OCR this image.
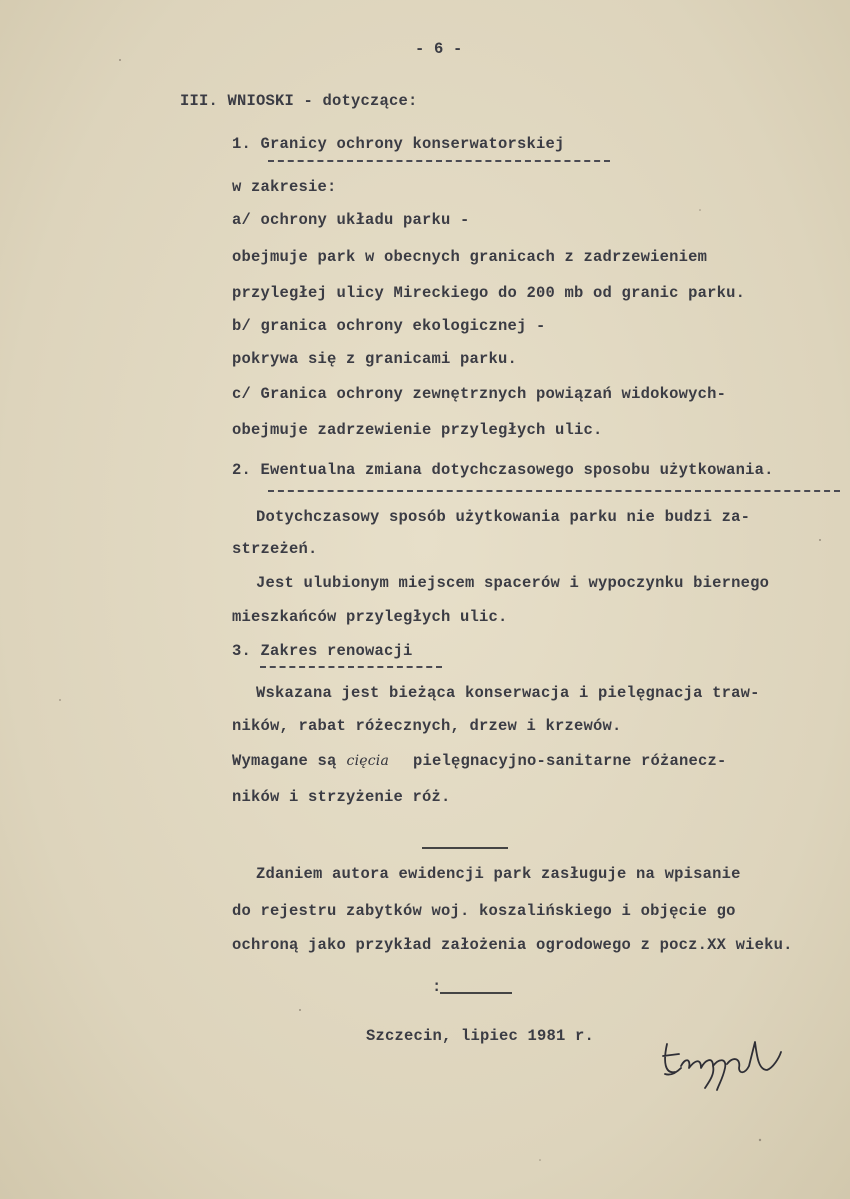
- 6 -
III. WNIOSKI - dotyczące:
1. Granicy ochrony konserwatorskiej
w zakresie:
a/ ochrony układu parku -
obejmuje park w obecnych granicach z zadrzewieniem
przyległej ulicy Mireckiego do 200 mb od granic parku.
b/ granica ochrony ekologicznej -
pokrywa się z granicami parku.
c/ Granica ochrony zewnętrznych powiązań widokowych-
obejmuje zadrzewienie przyległych ulic.
2. Ewentualna zmiana dotychczasowego sposobu użytkowania.
Dotychczasowy sposób użytkowania parku nie budzi za-
strzeżeń.
Jest ulubionym miejscem spacerów i wypoczynku biernego
mieszkańców przyległych ulic.
3. Zakres renowacji
Wskazana jest bieżąca konserwacja i pielęgnacja traw-
ników, rabat różecznych, drzew i krzewów.
Wymagane są cięcia pielęgnacyjno-sanitarne różanecz-
ników i strzyżenie róż.
Zdaniem autora ewidencji park zasługuje na wpisanie
do rejestru zabytków woj. koszalińskiego i objęcie go
ochroną jako przykład założenia ogrodowego z pocz.XX wieku.
:
Szczecin, lipiec 1981 r.
